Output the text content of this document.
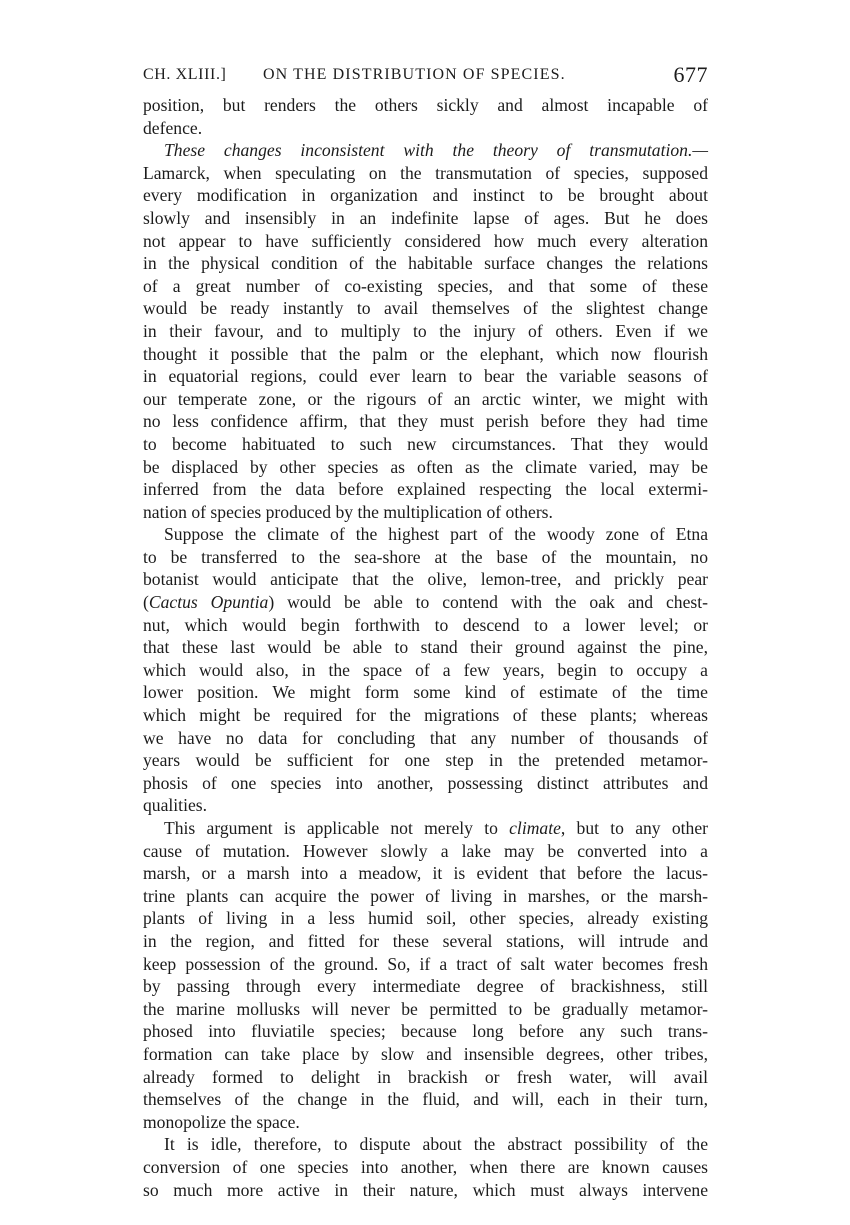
CH. XLIII.] ON THE DISTRIBUTION OF SPECIES.	677
position, but renders the others sickly and almost incapable of
defence.
These changes inconsistent with the theory of transmutation.—
Lamarck, when speculating on the transmutation of species, supposed
every modification in organization and instinct to be brought about
slowly and insensibly in an indefinite lapse of ages. But he does
not appear to have sufficiently considered how much every alteration
in the physical condition of the habitable surface changes the relations
of a great number of co-existing species, and that some of these
would be ready instantly to avail themselves of the slightest change
in their favour, and to multiply to the injury of others. Even if we
thought it possible that the palm or the elephant, which now flourish
in equatorial regions, could ever learn to bear the variable seasons of
our temperate zone, or the rigours of an arctic winter, we might with
no less confidence affirm, that they must perish before they had time
to become habituated to such new circumstances. That they would
be displaced by other species as often as the climate varied, may be
inferred from the data before explained respecting the local extermi-
nation of species produced by the multiplication of others.
Suppose the climate of the highest part of the woody zone of Etna
to be transferred to the sea-shore at the base of the mountain, no
botanist would anticipate that the olive, lemon-tree, and prickly pear
(Cactus Opuntia) would be able to contend with the oak and chest-
nut, which would begin forthwith to descend to a lower level; or
that these last would be able to stand their ground against the pine,
which would also, in the space of a few years, begin to occupy a
lower position. We might form some kind of estimate of the time
which might be required for the migrations of these plants; whereas
we have no data for concluding that any number of thousands of
years would be sufficient for one step in the pretended metamor-
phosis of one species into another, possessing distinct attributes and
qualities.
This argument is applicable not merely to climate, but to any other
cause of mutation. However slowly a lake may be converted into a
marsh, or a marsh into a meadow, it is evident that before the lacus-
trine plants can acquire the power of living in marshes, or the marsh-
plants of living in a less humid soil, other species, already existing
in the region, and fitted for these several stations, will intrude and
keep possession of the ground. So, if a tract of salt water becomes fresh
by passing through every intermediate degree of brackishness, still
the marine mollusks will never be permitted to be gradually metamor-
phosed into fluviatile species; because long before any such trans-
formation can take place by slow and insensible degrees, other tribes,
already formed to delight in brackish or fresh water, will avail
themselves of the change in the fluid, and will, each in their turn,
monopolize the space.
It is idle, therefore, to dispute about the abstract possibility of the
conversion of one species into another, when there are known causes
so much more active in their nature, which must always intervene
